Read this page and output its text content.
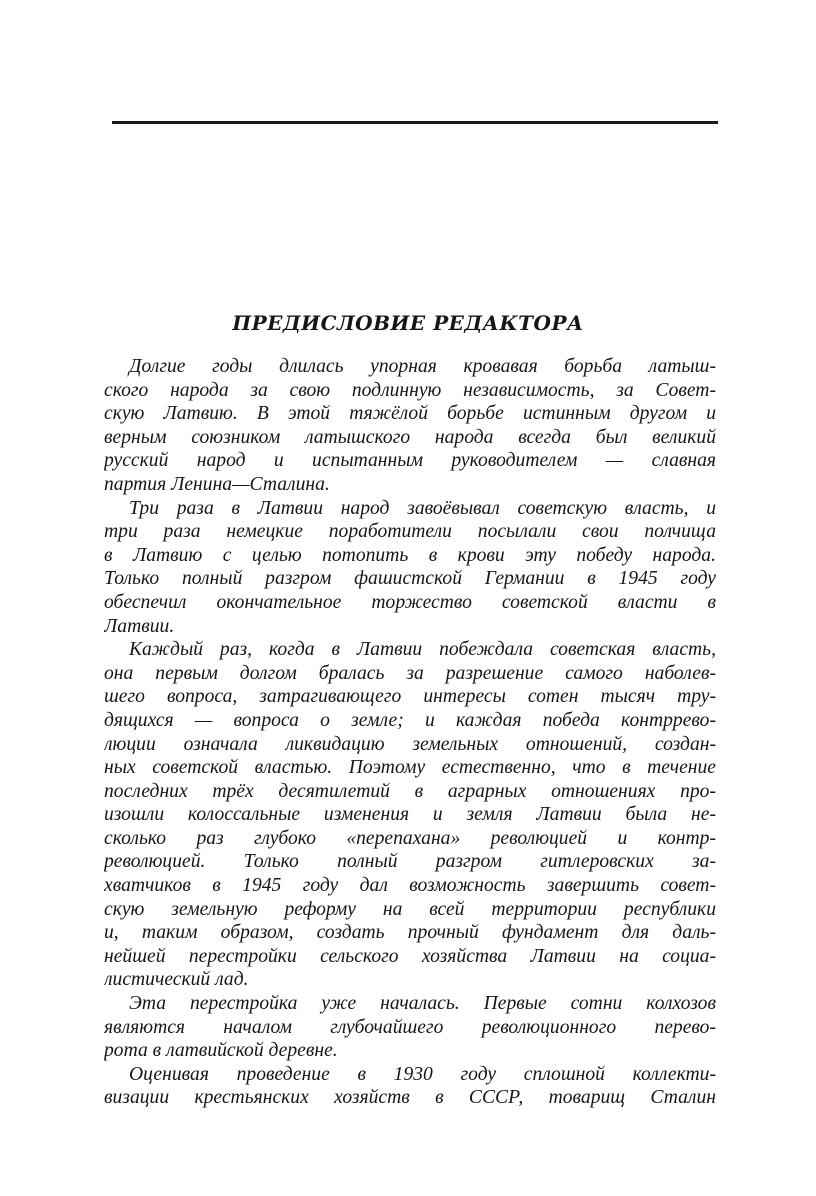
ПРЕДИСЛОВИЕ РЕДАКТОРА
Долгие годы длилась упорная кровавая борьба латыш-
ского народа за свою подлинную независимость, за Совет-
скую Латвию. В этой тяжёлой борьбе истинным другом и
верным союзником латышского народа всегда был великий
русский народ и испытанным руководителем — славная
партия Ленина—Сталина.
Три раза в Латвии народ завоёвывал советскую власть, и
три раза немецкие поработители посылали свои полчища
в Латвию с целью потопить в крови эту победу народа.
Только полный разгром фашистской Германии в 1945 году
обеспечил окончательное торжество советской власти в
Латвии.
Каждый раз, когда в Латвии побеждала советская власть,
она первым долгом бралась за разрешение самого наболев-
шего вопроса, затрагивающего интересы сотен тысяч тру-
дящихся — вопроса о земле; и каждая победа контррево-
люции означала ликвидацию земельных отношений, создан-
ных советской властью. Поэтому естественно, что в течение
последних трёх десятилетий в аграрных отношениях про-
изошли колоссальные изменения и земля Латвии была не-
сколько раз глубоко «перепахана» революцией и контр-
революцией. Только полный разгром гитлеровских за-
хватчиков в 1945 году дал возможность завершить совет-
скую земельную реформу на всей территории республики
и, таким образом, создать прочный фундамент для даль-
нейшей перестройки сельского хозяйства Латвии на социа-
листический лад.
Эта перестройка уже началась. Первые сотни колхозов
являются началом глубочайшего революционного перево-
рота в латвийской деревне.
Оценивая проведение в 1930 году сплошной коллекти-
визации крестьянских хозяйств в СССР, товарищ Сталин
